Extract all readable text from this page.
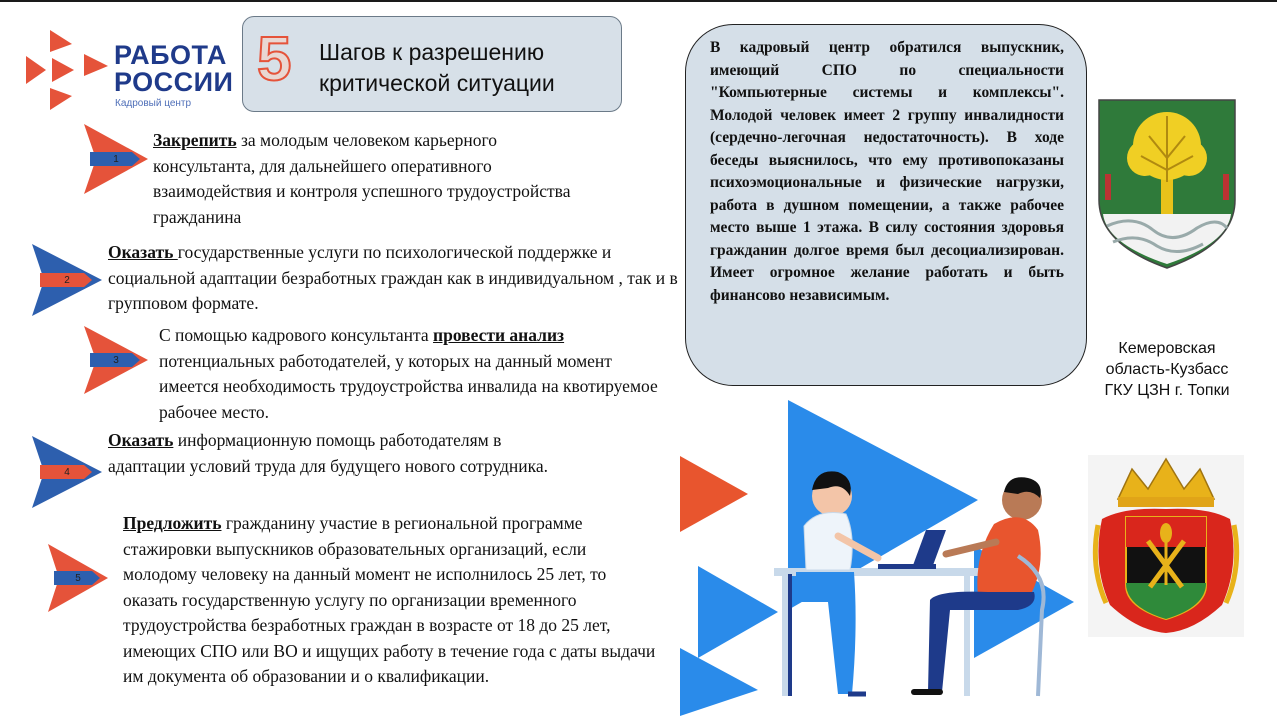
РАБОТА
РОССИИ
Кадровый центр
5 Шагов к разрешению критической ситуации
1
Закрепить за молодым человеком карьерного консультанта, для дальнейшего оперативного взаимодействия и контроля успешного трудоустройства гражданина
2
Оказать государственные услуги по психологической поддержке и социальной адаптации безработных граждан как в индивидуальном , так и в групповом формате.
3
С помощью кадрового консультанта провести анализ потенциальных работодателей, у которых на данный момент имеется необходимость трудоустройства инвалида на квотируемое рабочее место.
4
Оказать информационную помощь работодателям в адаптации условий труда для будущего нового сотрудника.
5
Предложить гражданину участие в региональной программе стажировки выпускников образовательных организаций, если молодому человеку на данный момент не исполнилось 25 лет, то оказать государственную услугу по организации временного трудоустройства безработных граждан в возрасте от 18 до 25 лет, имеющих СПО или ВО и ищущих работу в течение года с даты выдачи им документа об образовании и о квалификации.
В кадровый центр обратился выпускник, имеющий СПО по специальности "Компьютерные системы и комплексы". Молодой человек имеет 2 группу инвалидности (сердечно-легочная недостаточность). В ходе беседы выяснилось, что ему противопоказаны психоэмоциональные и физические нагрузки, работа в душном помещении, а также рабочее место выше 1 этажа. В силу состояния здоровья гражданин долгое время был десоциализирован. Имеет огромное желание работать и быть финансово независимым.
Кемеровская
область-Кузбасс
ГКУ ЦЗН г. Топки
